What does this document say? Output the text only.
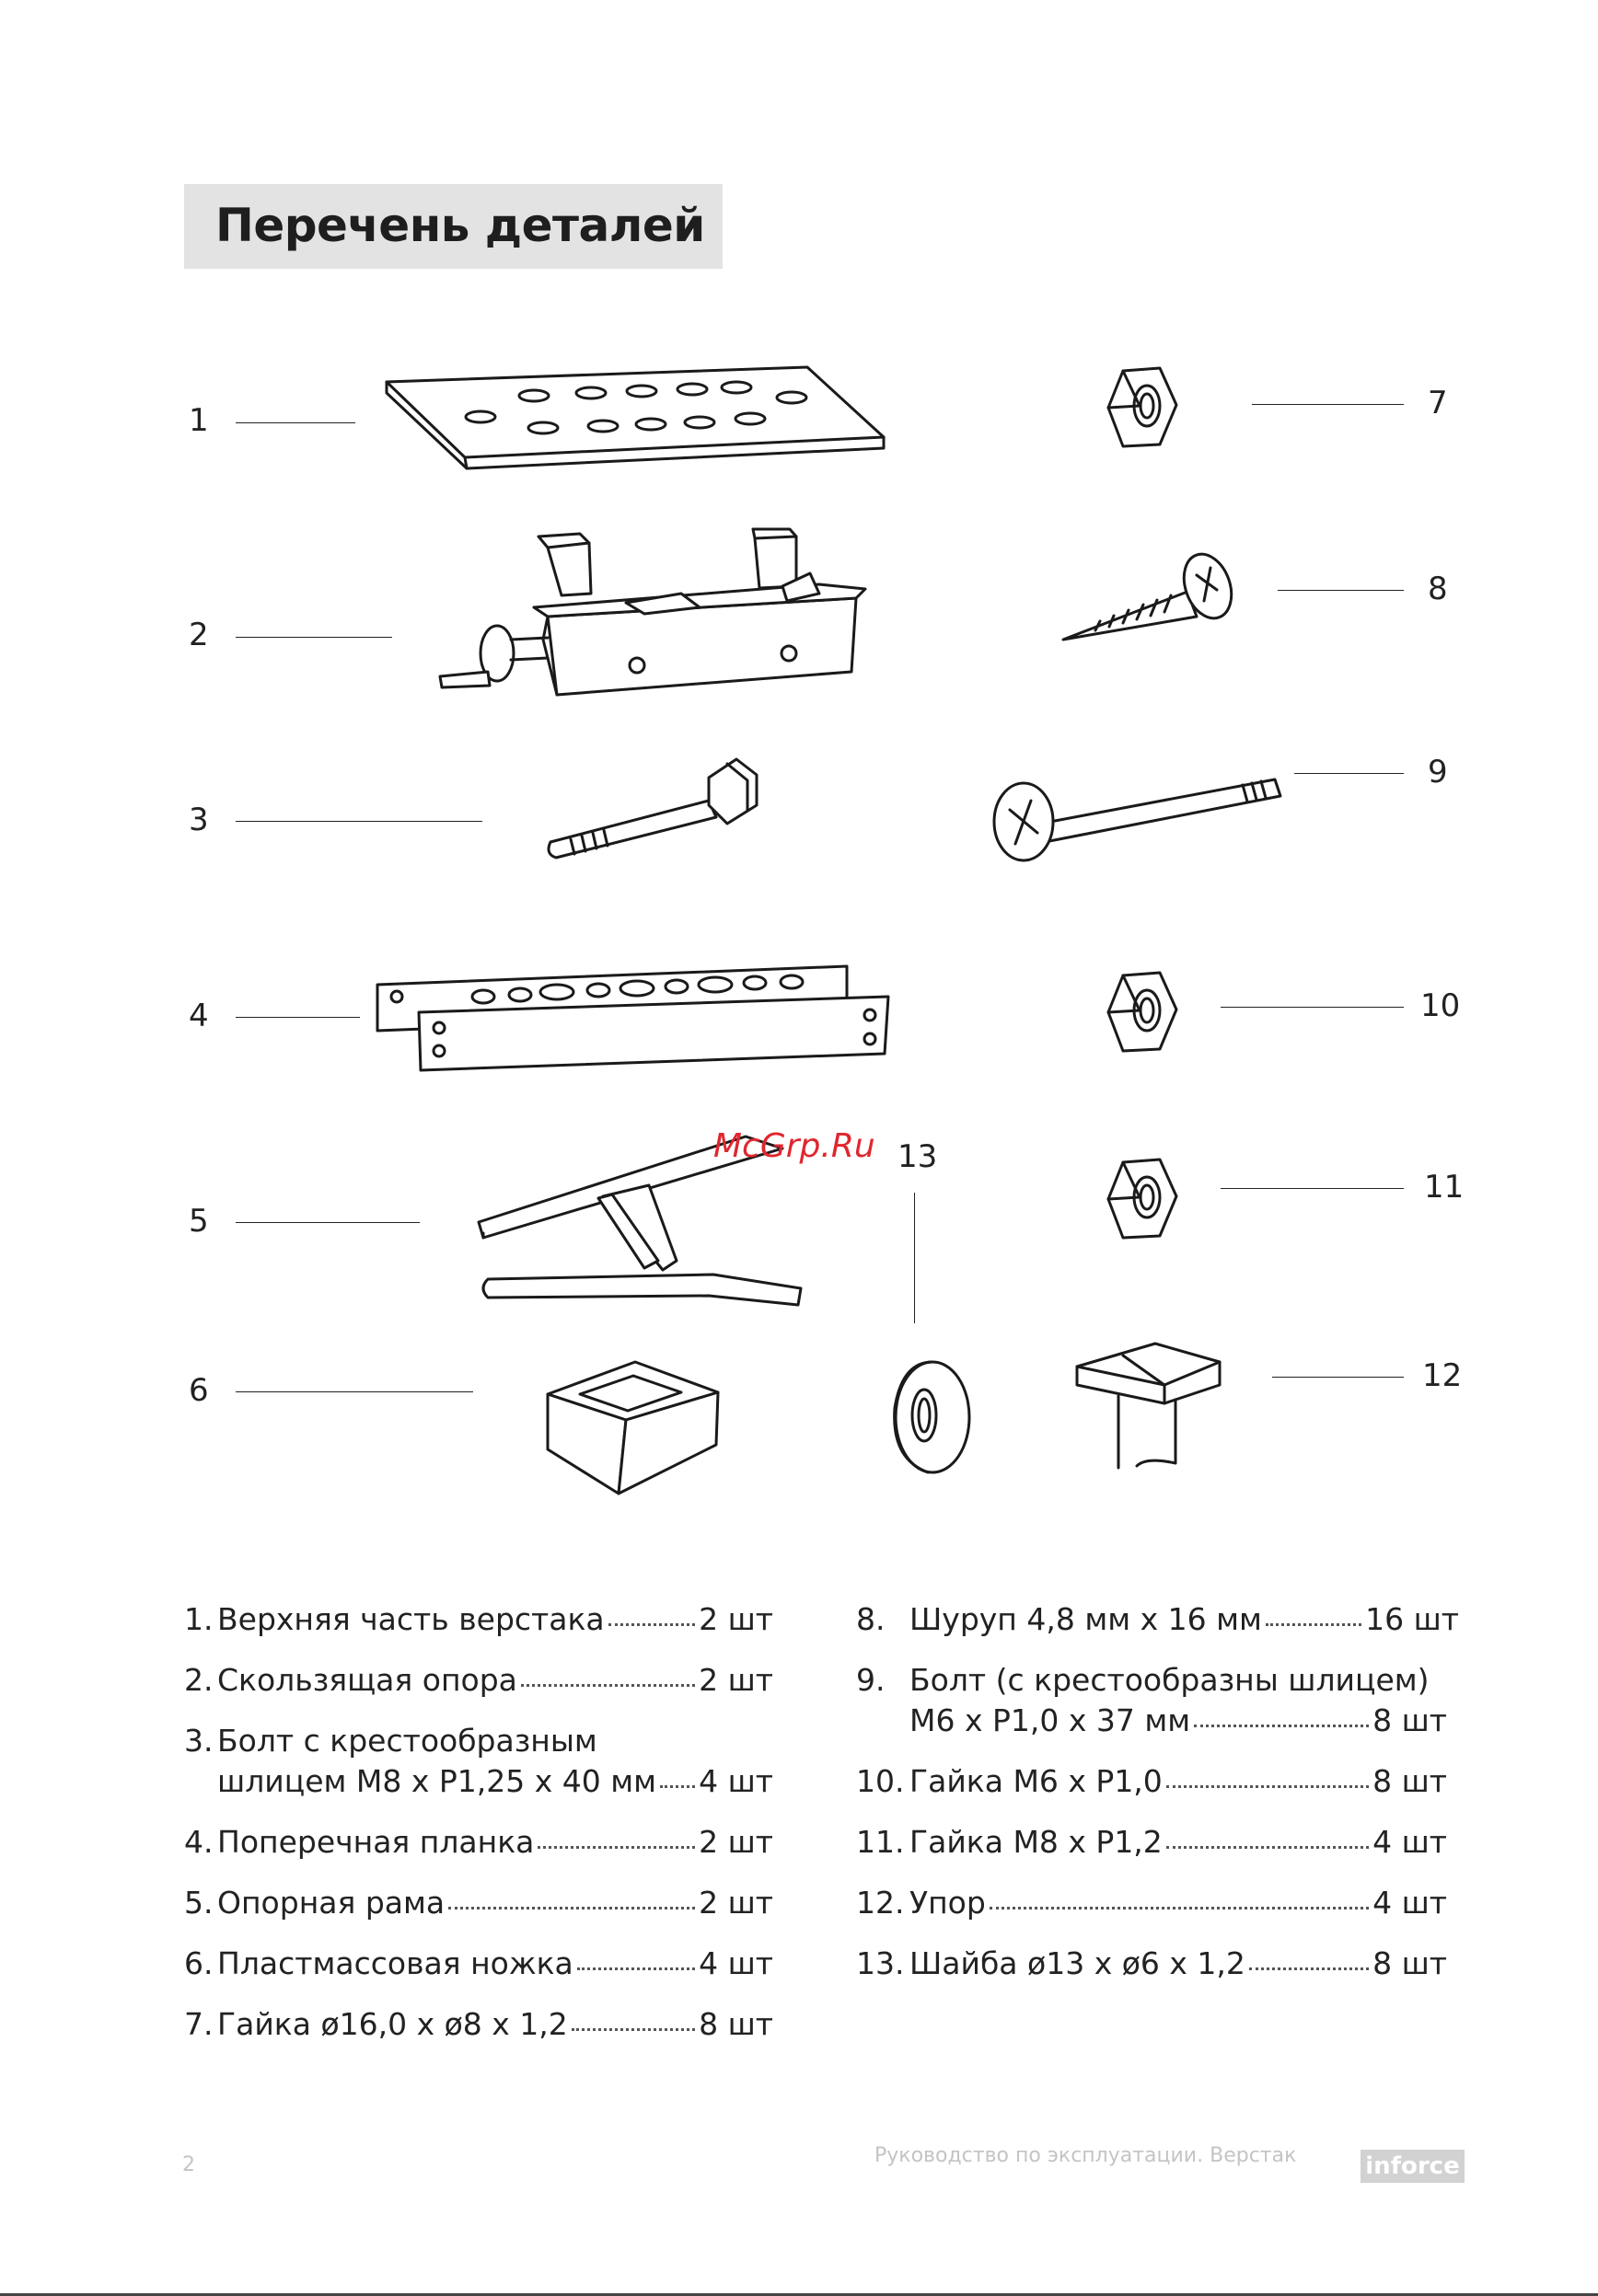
Перечень деталей
1
2
3
4
5
6
7
8
9
10
11
12
13
McGrp.Ru
1. Верхняя часть верстака	2 шт
2. Скользящая опора	2 шт
3. Болт с крестообразным
шлицем M8 x P1,25 x 40 мм 4 шт
4. Поперечная планка	2 шт
5. Опорная рама	2 шт
6. Пластмассовая ножка	4 шт
7. Гайка ø16,0 x ø8 x 1,2	8 шт
8. Шуруп 4,8 мм x 16 мм	16 шт
9. Болт (с крестообразны шлицем)
M6 x P1,0 x 37 мм	8 шт
10. Гайка M6 x P1,0	8 шт
11. Гайка M8 x P1,2	4 шт
12. Упор	4 шт
13. Шайба ø13 x ø6 x 1,2	8 шт
2	Руководство по эксплуатации. Верстак	inforce
